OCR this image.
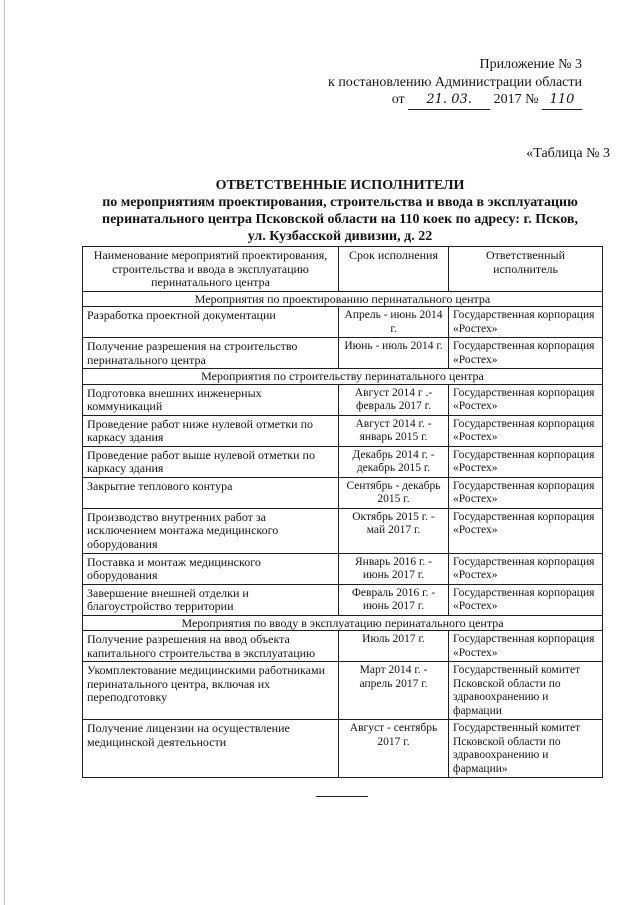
Приложение № 3
к постановлению Администрации области
от 21. 03. 2017 № 110
«Таблица № 3
ОТВЕТСТВЕННЫЕ ИСПОЛНИТЕЛИ
по мероприятиям проектирования, строительства и ввода в эксплуатацию
перинатального центра Псковской области на 110 коек по адресу: г. Псков,
ул. Кузбасской дивизии, д. 22
Наименование мероприятий проектирования, строительства и ввода в эксплуатацию перинатального центра	Срок исполнения	Ответственный исполнитель
Мероприятия по проектированию перинатального центра		
Разработка проектной документации	Апрель - июнь 2014 г.	Государственная корпорация «Ростех»
Получение разрешения на строительство перинатального центра	Июнь - июль 2014 г.	Государственная корпорация «Ростех»
Мероприятия по строительству перинатального центра		
Подготовка внешних инженерных коммуникаций	Август 2014 г .- февраль 2017 г.	Государственная корпорация «Ростех»
Проведение работ ниже нулевой отметки по каркасу здания	Август 2014 г. - январь 2015 г.	Государственная корпорация «Ростех»
Проведение работ выше нулевой отметки по каркасу здания	Декабрь 2014 г. - декабрь 2015 г.	Государственная корпорация «Ростех»
Закрытие теплового контура	Сентябрь - декабрь 2015 г.	Государственная корпорация «Ростех»
Производство внутренних работ за исключением монтажа медицинского оборудования	Октябрь 2015 г. - май 2017 г.	Государственная корпорация «Ростех»
Поставка и монтаж медицинского оборудования	Январь 2016 г. - июнь 2017 г.	Государственная корпорация «Ростех»
Завершение внешней отделки и благоустройство территории	Февраль 2016 г. - июнь 2017 г.	Государственная корпорация «Ростех»
Мероприятия по вводу в эксплуатацию перинатального центра		
Получение разрешения на ввод объекта капитального строительства в эксплуатацию	Июль 2017 г.	Государственная корпорация «Ростех»
Укомплектование медицинскими работниками перинатального центра, включая их переподготовку	Март 2014 г. - апрель 2017 г.	Государственный комитет Псковской области по здравоохранению и фармации
Получение лицензии на осуществление медицинской деятельности	Август - сентябрь 2017 г.	Государственный комитет Псковской области по здравоохранению и фармации»
